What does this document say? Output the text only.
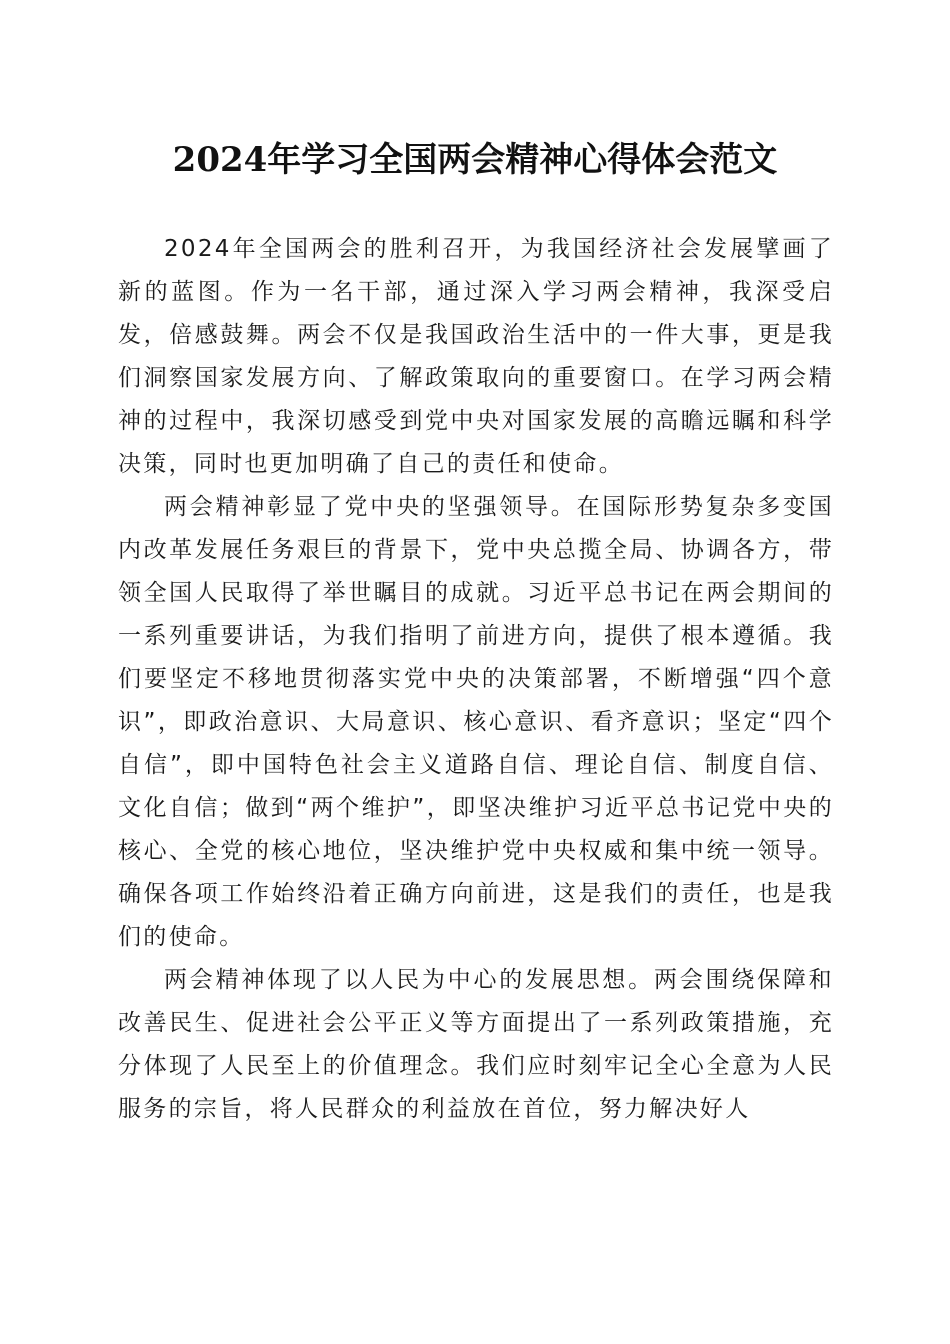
2024年学习全国两会精神心得体会范文

2024年全国两会的胜利召开，为我国经济社会发展擘画了新的蓝图。作为一名干部，通过深入学习两会精神，我深受启发，倍感鼓舞。两会不仅是我国政治生活中的一件大事，更是我们洞察国家发展方向、了解政策取向的重要窗口。在学习两会精神的过程中，我深切感受到党中央对国家发展的高瞻远瞩和科学决策，同时也更加明确了自己的责任和使命。

两会精神彰显了党中央的坚强领导。在国际形势复杂多变国内改革发展任务艰巨的背景下，党中央总揽全局、协调各方，带领全国人民取得了举世瞩目的成就。习近平总书记在两会期间的一系列重要讲话，为我们指明了前进方向，提供了根本遵循。我们要坚定不移地贯彻落实党中央的决策部署，不断增强“四个意识”，即政治意识、大局意识、核心意识、看齐意识；坚定“四个自信”，即中国特色社会主义道路自信、理论自信、制度自信、文化自信；做到“两个维护”，即坚决维护习近平总书记党中央的核心、全党的核心地位，坚决维护党中央权威和集中统一领导。确保各项工作始终沿着正确方向前进，这是我们的责任，也是我们的使命。

两会精神体现了以人民为中心的发展思想。两会围绕保障和改善民生、促进社会公平正义等方面提出了一系列政策措施，充分体现了人民至上的价值理念。我们应时刻牢记全心全意为人民服务的宗旨，将人民群众的利益放在首位，努力解决好人
